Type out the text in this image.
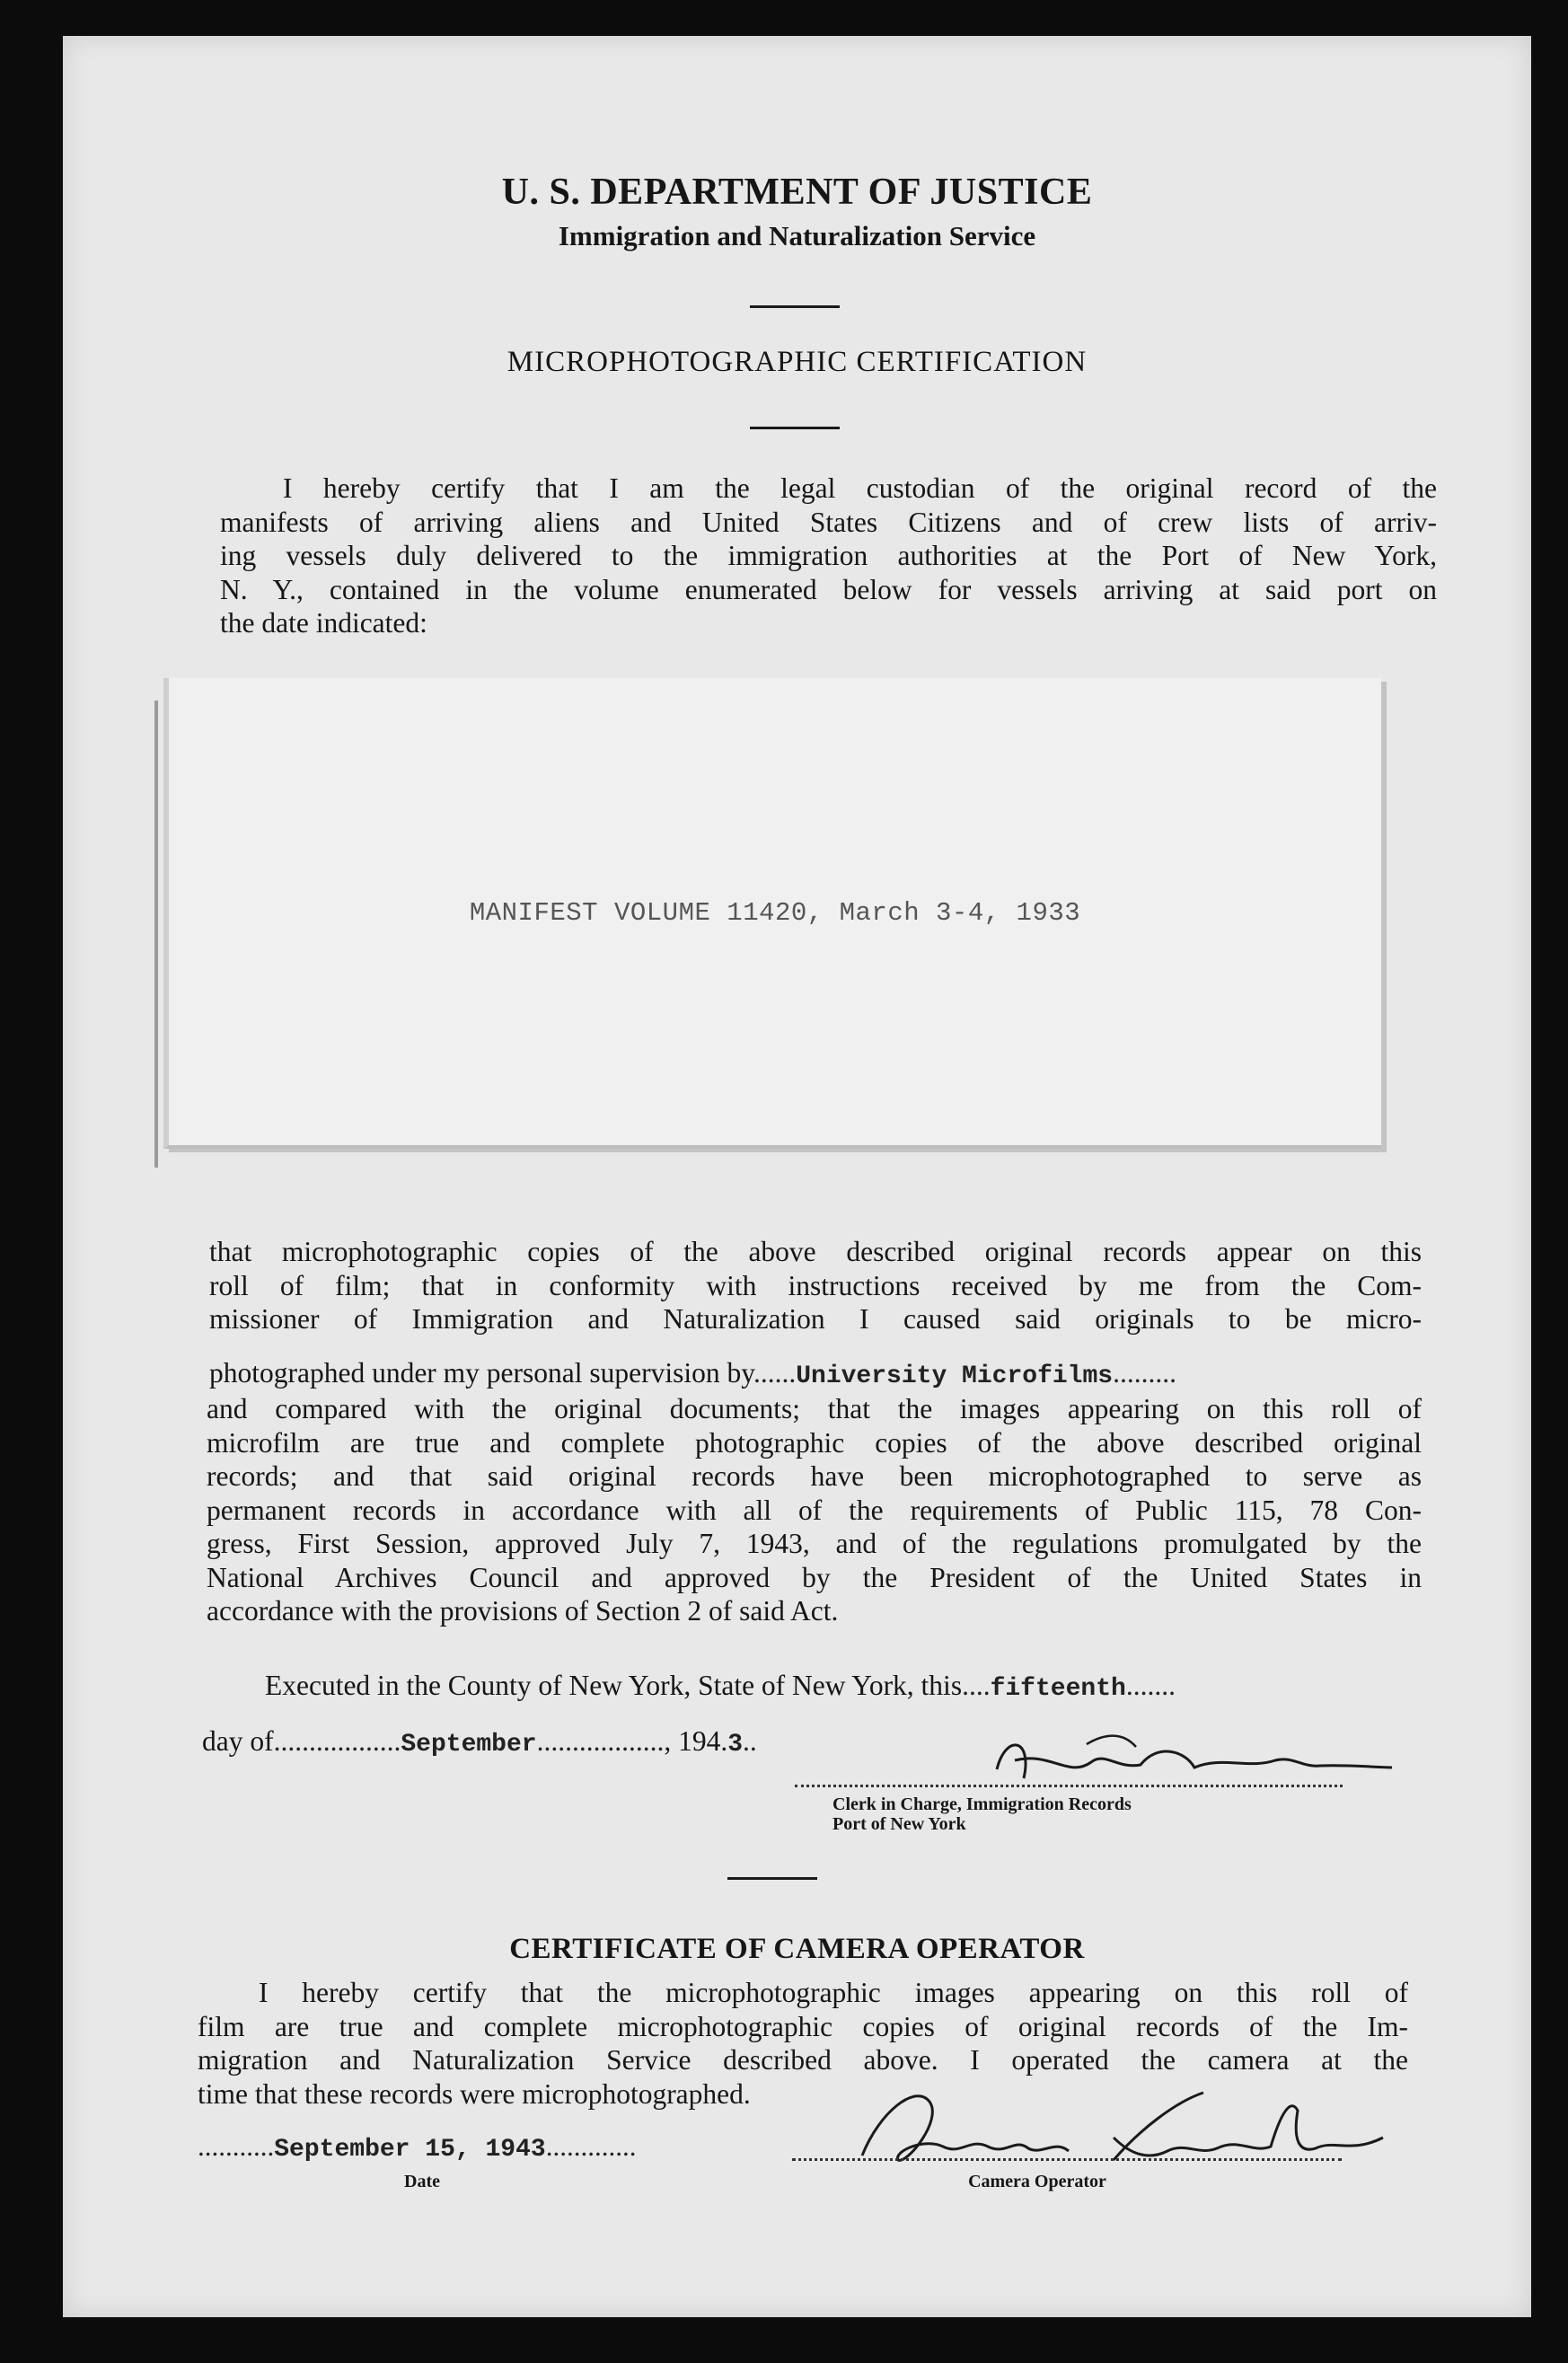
U. S. DEPARTMENT OF JUSTICE
Immigration and Naturalization Service
MICROPHOTOGRAPHIC CERTIFICATION
I hereby certify that I am the legal custodian of the original record of the
manifests of arriving aliens and United States Citizens and of crew lists of arriv-
ing vessels duly delivered to the immigration authorities at the Port of New York,
N. Y., contained in the volume enumerated below for vessels arriving at said port on
the date indicated:
MANIFEST VOLUME 11420, March 3-4, 1933
that microphotographic copies of the above described original records appear on this
roll of film; that in conformity with instructions received by me from the Com-
missioner of Immigration and Naturalization I caused said originals to be micro-
photographed under my personal supervision by......University Microfilms.........
and compared with the original documents; that the images appearing on this roll of
microfilm are true and complete photographic copies of the above described original
records; and that said original records have been microphotographed to serve as
permanent records in accordance with all of the requirements of Public 115, 78 Con-
gress, First Session, approved July 7, 1943, and of the regulations promulgated by the
National Archives Council and approved by the President of the United States in
accordance with the provisions of Section 2 of said Act.
Executed in the County of New York, State of New York, this....fifteenth.......
day of..................September.................., 194.3..
Clerk in Charge, Immigration Records
Port of New York
CERTIFICATE OF CAMERA OPERATOR
I hereby certify that the microphotographic images appearing on this roll of
film are true and complete microphotographic copies of original records of the Im-
migration and Naturalization Service described above. I operated the camera at the
time that these records were microphotographed.
...........September 15, 1943.............
Date	Camera Operator
